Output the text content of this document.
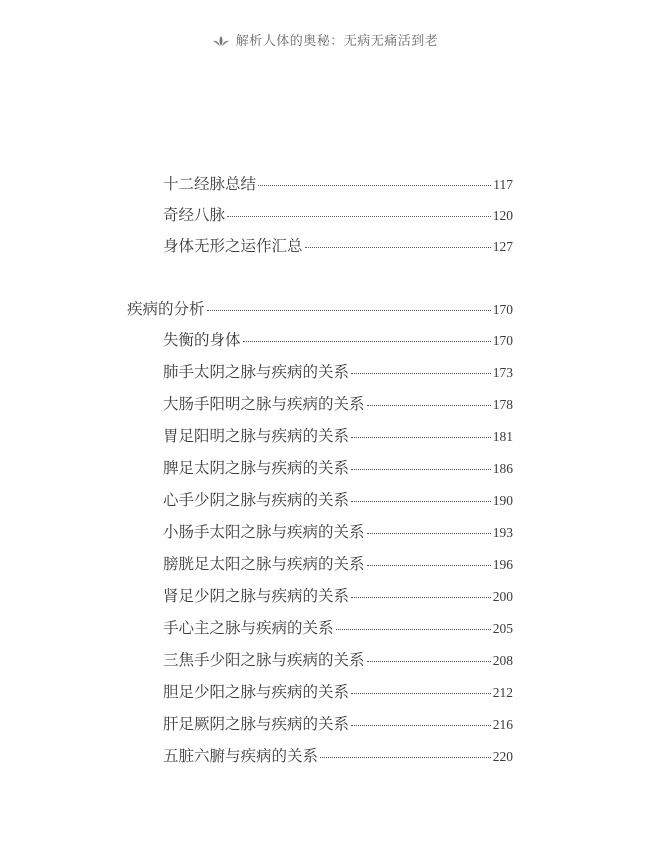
解析人体的奥秘：无病无痛活到老
十二经脉总结	117
奇经八脉	120
身体无形之运作汇总	127
疾病的分析	170
失衡的身体	170
肺手太阴之脉与疾病的关系	173
大肠手阳明之脉与疾病的关系	178
胃足阳明之脉与疾病的关系	181
脾足太阴之脉与疾病的关系	186
心手少阴之脉与疾病的关系	190
小肠手太阳之脉与疾病的关系	193
膀胱足太阳之脉与疾病的关系	196
肾足少阴之脉与疾病的关系	200
手心主之脉与疾病的关系	205
三焦手少阳之脉与疾病的关系	208
胆足少阳之脉与疾病的关系	212
肝足厥阴之脉与疾病的关系	216
五脏六腑与疾病的关系	220
